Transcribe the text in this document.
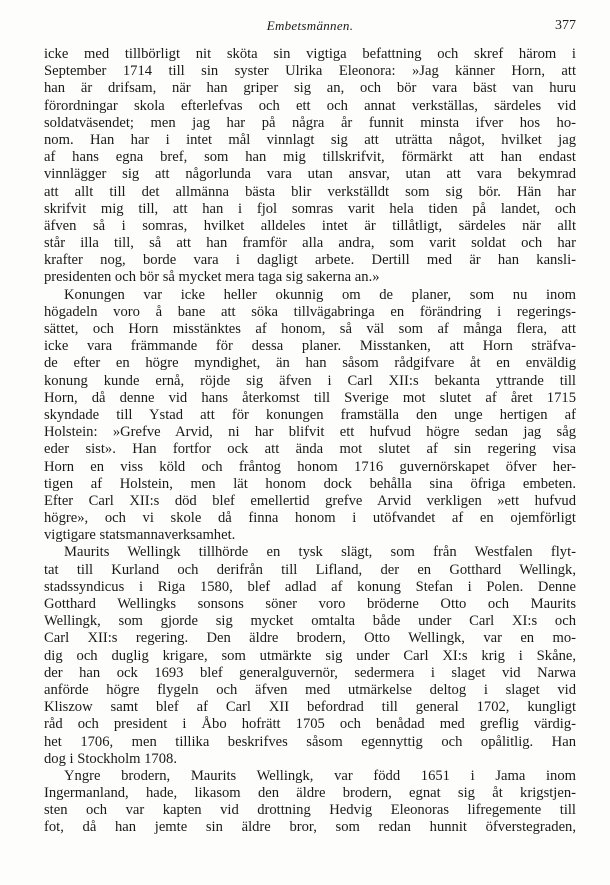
Embetsmännen.	377
icke med tillbörligt nit sköta sin vigtiga befattning och skref härom i
September 1714 till sin syster Ulrika Eleonora: »Jag känner Horn, att
han är drifsam, när han griper sig an, och bör vara bäst van huru
förordningar skola efterlefvas och ett och annat verkställas, särdeles vid
soldatväsendet; men jag har på några år funnit minsta ifver hos ho-
nom. Han har i intet mål vinnlagt sig att uträtta något, hvilket jag
af hans egna bref, som han mig tillskrifvit, förmärkt att han endast
vinnlägger sig att någorlunda vara utan ansvar, utan att vara bekymrad
att allt till det allmänna bästa blir verkställdt som sig bör. Hän har
skrifvit mig till, att han i fjol somras varit hela tiden på landet, och
äfven så i somras, hvilket alldeles intet är tillåtligt, särdeles när allt
står illa till, så att han framför alla andra, som varit soldat och har
krafter nog, borde vara i dagligt arbete. Dertill med är han kansli-
presidenten och bör så mycket mera taga sig sakerna an.»
Konungen var icke heller okunnig om de planer, som nu inom
högadeln voro å bane att söka tillvägabringa en förändring i regerings-
sättet, och Horn misstänktes af honom, så väl som af många flera, att
icke vara främmande för dessa planer. Misstanken, att Horn sträfva-
de efter en högre myndighet, än han såsom rådgifvare åt en enväldig
konung kunde ernå, röjde sig äfven i Carl XII:s bekanta yttrande till
Horn, då denne vid hans återkomst till Sverige mot slutet af året 1715
skyndade till Ystad att för konungen framställa den unge hertigen af
Holstein: »Grefve Arvid, ni har blifvit ett hufvud högre sedan jag såg
eder sist». Han fortfor ock att ända mot slutet af sin regering visa
Horn en viss köld och fråntog honom 1716 guvernörskapet öfver her-
tigen af Holstein, men lät honom dock behålla sina öfriga embeten.
Efter Carl XII:s död blef emellertid grefve Arvid verkligen »ett hufvud
högre», och vi skole då finna honom i utöfvandet af en ojemförligt
vigtigare statsmannaverksamhet.
Maurits Wellingk tillhörde en tysk slägt, som från Westfalen flyt-
tat till Kurland och derifrån till Lifland, der en Gotthard Wellingk,
stadssyndicus i Riga 1580, blef adlad af konung Stefan i Polen. Denne
Gotthard Wellingks sonsons söner voro bröderne Otto och Maurits
Wellingk, som gjorde sig mycket omtalta både under Carl XI:s och
Carl XII:s regering. Den äldre brodern, Otto Wellingk, var en mo-
dig och duglig krigare, som utmärkte sig under Carl XI:s krig i Skåne,
der han ock 1693 blef generalguvernör, sedermera i slaget vid Narwa
anförde högre flygeln och äfven med utmärkelse deltog i slaget vid
Kliszow samt blef af Carl XII befordrad till general 1702, kungligt
råd och president i Åbo hofrätt 1705 och benådad med greflig värdig-
het 1706, men tillika beskrifves såsom egennyttig och opålitlig. Han
dog i Stockholm 1708.
Yngre brodern, Maurits Wellingk, var född 1651 i Jama inom
Ingermanland, hade, likasom den äldre brodern, egnat sig åt krigstjen-
sten och var kapten vid drottning Hedvig Eleonoras lifregemente till
fot, då han jemte sin äldre bror, som redan hunnit öfverstegraden,
